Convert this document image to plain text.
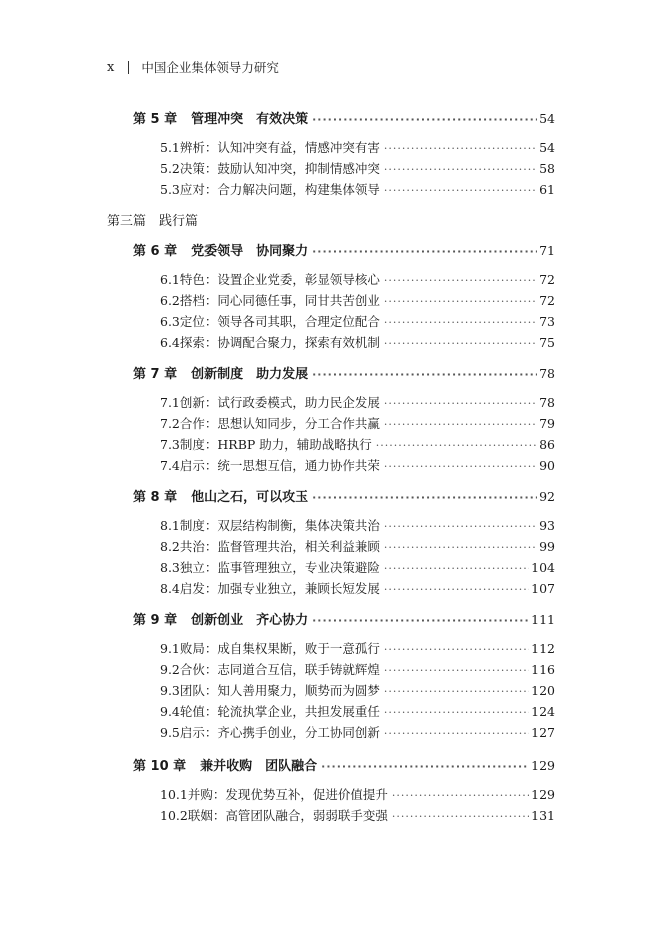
x 中国企业集体领导力研究
第 5 章 管理冲突　有效决策 ·····	54
5.1 辨析：认知冲突有益，情感冲突有害 ·····	54
5.2 决策：鼓励认知冲突，抑制情感冲突 ·····	58
5.3 应对：合力解决问题，构建集体领导 ·····	61
第三篇　践行篇
第 6 章 党委领导　协同聚力 ·····	71
6.1 特色：设置企业党委，彰显领导核心 ·····	72
6.2 搭档：同心同德任事，同甘共苦创业 ·····	72
6.3 定位：领导各司其职，合理定位配合 ·····	73
6.4 探索：协调配合聚力，探索有效机制 ·····	75
第 7 章 创新制度　助力发展 ·····	78
7.1 创新：试行政委模式，助力民企发展 ·····	78
7.2 合作：思想认知同步，分工合作共赢 ·····	79
7.3 制度：HRBP 助力，辅助战略执行 ·····	86
7.4 启示：统一思想互信，通力协作共荣 ·····	90
第 8 章 他山之石，可以攻玉 ·····	92
8.1 制度：双层结构制衡，集体决策共治 ·····	93
8.2 共治：监督管理共治，相关利益兼顾 ·····	99
8.3 独立：监事管理独立，专业决策避险 ·····	104
8.4 启发：加强专业独立，兼顾长短发展 ·····	107
第 9 章 创新创业　齐心协力 ·····	111
9.1 败局：成自集权果断，败于一意孤行 ·····	112
9.2 合伙：志同道合互信，联手铸就辉煌 ·····	116
9.3 团队：知人善用聚力，顺势而为圆梦 ·····	120
9.4 轮值：轮流执掌企业，共担发展重任 ·····	124
9.5 启示：齐心携手创业，分工协同创新 ·····	127
第 10 章 兼并收购　团队融合 ·····	129
10.1 并购：发现优势互补，促进价值提升 ·····	129
10.2 联姻：高管团队融合，弱弱联手变强 ·····	131
